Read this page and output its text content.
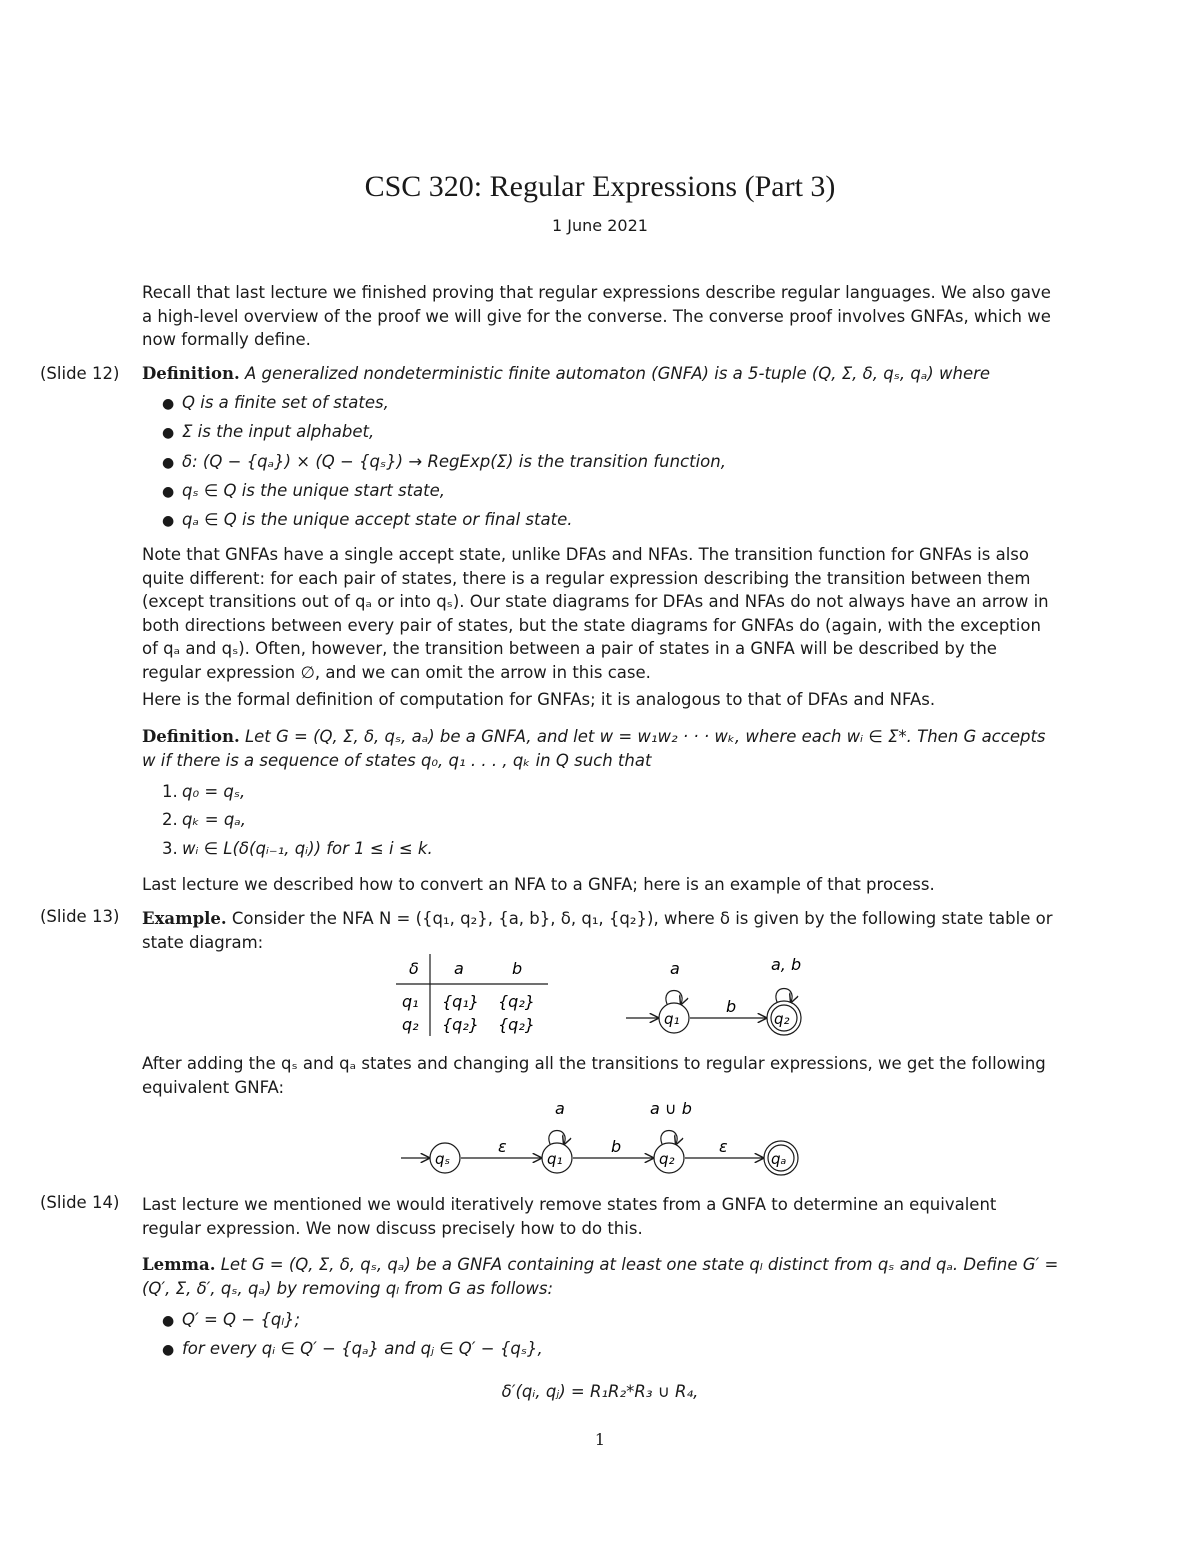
CSC 320: Regular Expressions (Part 3)
1 June 2021
Recall that last lecture we finished proving that regular expressions describe regular languages. We also gave a high-level overview of the proof we will give for the converse. The converse proof involves GNFAs, which we now formally define.
(Slide 12) Definition. A generalized nondeterministic finite automaton (GNFA) is a 5-tuple (Q, Σ, δ, qₛ, qₐ) where
● Q is a finite set of states,
● Σ is the input alphabet,
● δ: (Q − {qₐ}) × (Q − {qₛ}) → RegExp(Σ) is the transition function,
● qₛ ∈ Q is the unique start state,
● qₐ ∈ Q is the unique accept state or final state.
Note that GNFAs have a single accept state, unlike DFAs and NFAs. The transition function for GNFAs is also quite different: for each pair of states, there is a regular expression describing the transition between them (except transitions out of qₐ or into qₛ). Our state diagrams for DFAs and NFAs do not always have an arrow in both directions between every pair of states, but the state diagrams for GNFAs do (again, with the exception of qₐ and qₛ). Often, however, the transition between a pair of states in a GNFA will be described by the regular expression ∅, and we can omit the arrow in this case.
Here is the formal definition of computation for GNFAs; it is analogous to that of DFAs and NFAs.
Definition. Let G = (Q, Σ, δ, qₛ, aₐ) be a GNFA, and let w = w₁w₂ · · · wₖ, where each wᵢ ∈ Σ*. Then G accepts w if there is a sequence of states q₀, q₁ . . . , qₖ in Q such that
1. q₀ = qₛ,
2. qₖ = qₐ,
3. wᵢ ∈ L(δ(qᵢ₋₁, qᵢ)) for 1 ≤ i ≤ k.
Last lecture we described how to convert an NFA to a GNFA; here is an example of that process.
(Slide 13) Example. Consider the NFA N = ({q₁, q₂}, {a, b}, δ, q₁, {q₂}), where δ is given by the following state table or state diagram:
δ a	b
q₁ {q₁} {q₂}
q₂ {q₂} {q₂}
a	a, b
b
q₁	q₂
After adding the qₛ and qₐ states and changing all the transitions to regular expressions, we get the following equivalent GNFA:
a	a ∪ b
ε	b	ε
qₛ	q₁	q₂	qₐ
(Slide 14) Last lecture we mentioned we would iteratively remove states from a GNFA to determine an equivalent regular expression. We now discuss precisely how to do this.
Lemma. Let G = (Q, Σ, δ, qₛ, qₐ) be a GNFA containing at least one state qₗ distinct from qₛ and qₐ. Define G′ = (Q′, Σ, δ′, qₛ, qₐ) by removing qₗ from G as follows:
● Q′ = Q − {qₗ};
● for every qᵢ ∈ Q′ − {qₐ} and qⱼ ∈ Q′ − {qₛ},
δ′(qᵢ, qⱼ) = R₁R₂*R₃ ∪ R₄,
1
